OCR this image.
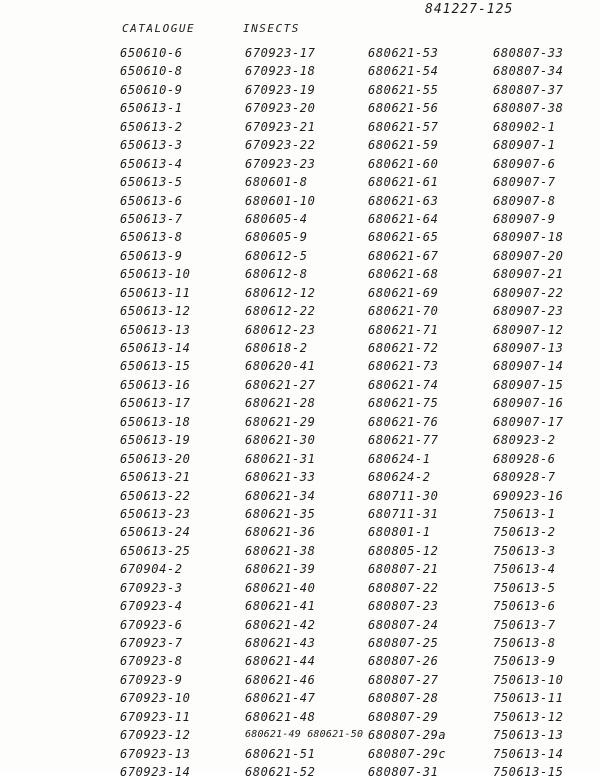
841227-125
CATALOGUE	INSECTS
650610-6
650610-8
650610-9
650613-1
650613-2
650613-3
650613-4
650613-5
650613-6
650613-7
650613-8
650613-9
650613-10
650613-11
650613-12
650613-13
650613-14
650613-15
650613-16
650613-17
650613-18
650613-19
650613-20
650613-21
650613-22
650613-23
650613-24
650613-25
670904-2
670923-3
670923-4
670923-6
670923-7
670923-8
670923-9
670923-10
670923-11
670923-12
670923-13
670923-14
670923-17
670923-18
670923-19
670923-20
670923-21
670923-22
670923-23
680601-8
680601-10
680605-4
680605-9
680612-5
680612-8
680612-12
680612-22
680612-23
680618-2
680620-41
680621-27
680621-28
680621-29
680621-30
680621-31
680621-33
680621-34
680621-35
680621-36
680621-38
680621-39
680621-40
680621-41
680621-42
680621-43
680621-44
680621-46
680621-47
680621-48
680621-49 680621-50
680621-51
680621-52
680621-53
680621-54
680621-55
680621-56
680621-57
680621-59
680621-60
680621-61
680621-63
680621-64
680621-65
680621-67
680621-68
680621-69
680621-70
680621-71
680621-72
680621-73
680621-74
680621-75
680621-76
680621-77
680624-1
680624-2
680711-30
680711-31
680801-1
680805-12
680807-21
680807-22
680807-23
680807-24
680807-25
680807-26
680807-27
680807-28
680807-29
680807-29a
680807-29c
680807-31
680807-33
680807-34
680807-37
680807-38
680902-1
680907-1
680907-6
680907-7
680907-8
680907-9
680907-18
680907-20
680907-21
680907-22
680907-23
680907-12
680907-13
680907-14
680907-15
680907-16
680907-17
680923-2
680928-6
680928-7
690923-16
750613-1
750613-2
750613-3
750613-4
750613-5
750613-6
750613-7
750613-8
750613-9
750613-10
750613-11
750613-12
750613-13
750613-14
750613-15
